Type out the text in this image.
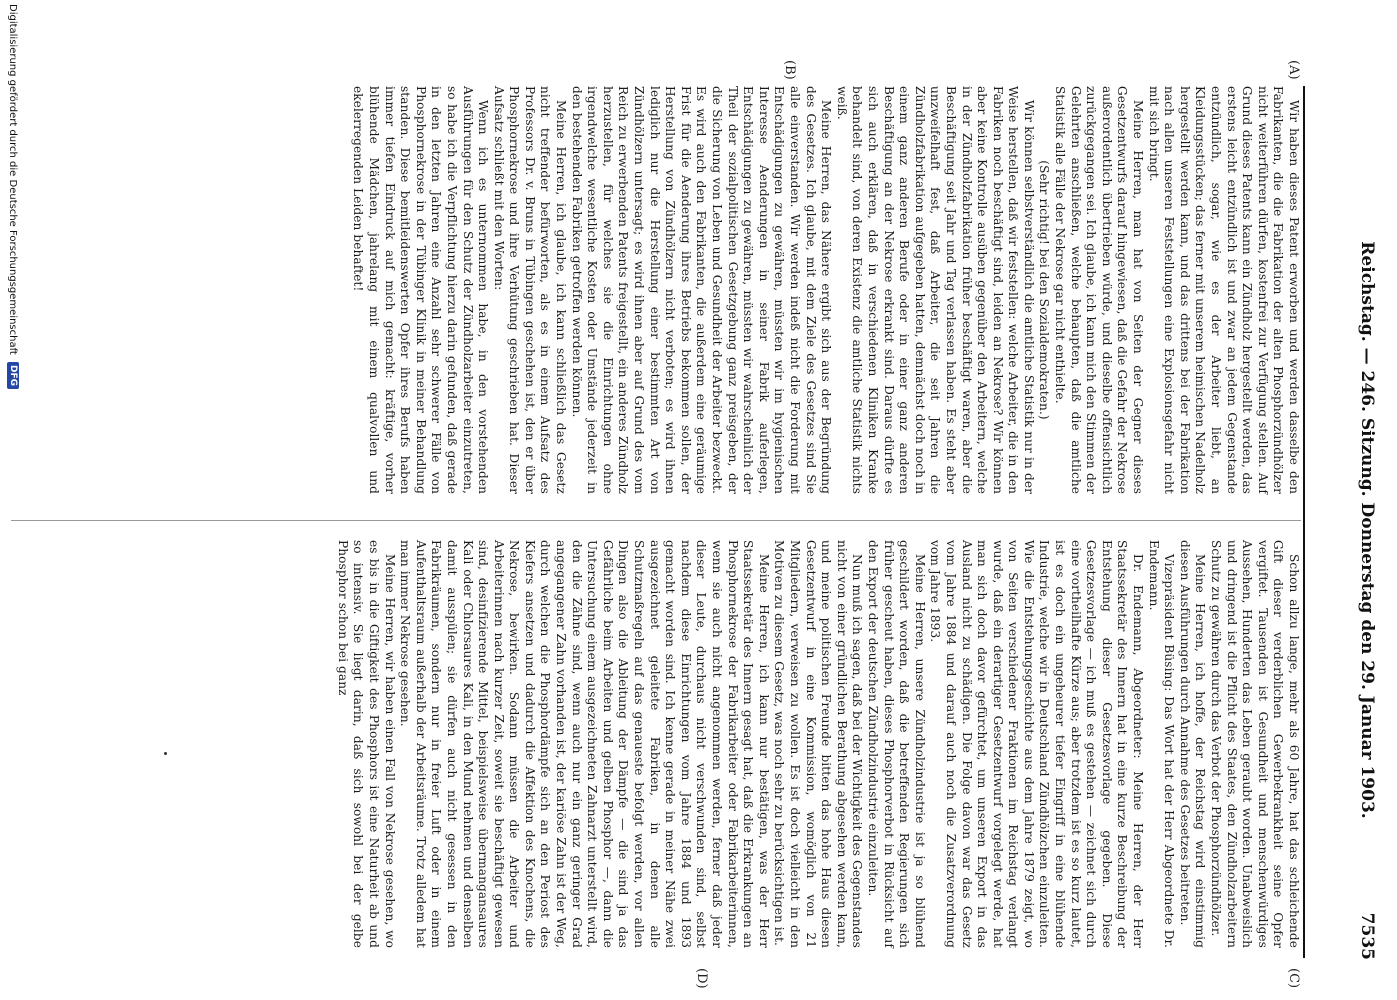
Reichstag. — 246. Sitzung. Donnerstag den 29. Januar 1903.
7535
(A)
(B)
(C)
(D)

Wir haben dieses Patent erworben und werden dasselbe den Fabrikanten, die die Fabrikation der alten Phosphorzündhölzer nicht weiterführen dürfen, kostenfrei zur Verfügung stellen. Auf Grund dieses Patents kann ein Zündholz hergestellt werden, das erstens leicht entzündlich ist und zwar an jedem Gegenstande entzündlich, sogar, wie es der Arbeiter liebt, an Kleidungsstücken; das ferner mit unserem heimischen Nadelholz hergestellt werden kann, und das drittens bei der Fabrikation nach allen unseren Feststellungen eine Explosionsgefahr nicht mit sich bringt.

Meine Herren, man hat von Seiten der Gegner dieses Gesetzentwurfs darauf hingewiesen, daß die Gefahr der Nekrose außerordentlich übertrieben würde, und dieselbe offensichtlich zurückgegangen sei. Ich glaube, ich kann mich den Stimmen der Gelehrten anschließen, welche behaupten, daß die amtliche Statistik alle Fälle der Nekrose gar nicht enthielte.

(Sehr richtig! bei den Sozialdemokraten.)

Wir können selbstverständlich die amtliche Statistik nur in der Weise herstellen, daß wir feststellen: welche Arbeiter, die in den Fabriken noch beschäftigt sind, leiden an Nekrose? Wir können aber keine Kontrolle ausüben gegenüber den Arbeitern, welche in der Zündholzfabrikation früher beschäftigt waren, aber die Beschäftigung seit Jahr und Tag verlassen haben. Es steht aber unzweifelhaft fest, daß Arbeiter, die seit Jahren die Zündholzfabrikation aufgegeben hatten, demnächst doch noch in einem ganz anderen Berufe oder in einer ganz anderen Beschäftigung an der Nekrose erkrankt sind. Daraus dürfte es sich auch erklären, daß in verschiedenen Kliniken Kranke behandelt sind, von deren Existenz die amtliche Statistik nichts weiß.

Meine Herren, das Nähere ergibt sich aus der Begründung des Gesetzes. Ich glaube, mit dem Ziele des Gesetzes sind Sie alle einverstanden. Wir werden indeß nicht die Forderung mit Entschädigungen zu gewähren, müssten wir im hygienischen Interesse Aenderungen in seiner Fabrik auferlegen, Entschädigungen zu gewähren, müssten wir wahrscheinlich der Theil der sozialpolitischen Gesetzgebung ganz preisgeben, der die Sicherung von Leben und Gesundheit der Arbeiter bezweckt. Es wird auch den Fabrikanten, die außerdem eine geräumige Frist für die Aenderung ihres Betriebs bekommen sollen, der Herstellung von Zündhölzern nicht verboten; es wird ihnen lediglich nur die Herstellung einer bestimmten Art von Zündhölzern untersagt; es wird ihnen aber auf Grund des vom Reich zu erwerbenden Patents freigestellt, ein anderes Zündholz herzustellen, für welches sie die Einrichtungen ohne irgendwelche wesentliche Kosten oder Umstände jederzeit in den bestehenden Fabriken getroffen werden können.

Meine Herren, ich glaube, ich kann schließlich das Gesetz nicht treffender befürworten, als es in einem Aufsatz des Professors Dr. v. Bruns in Tübingen geschehen ist, den er über Phosphornekrose und ihre Verhütung geschrieben hat. Dieser Aufsatz schließt mit den Worten:

Wenn ich es unternommen habe, in den vorstehenden Ausführungen für den Schutz der Zündholzarbeiter einzutreten, so habe ich die Verpflichtung hierzu darin gefunden, daß gerade in den letzten Jahren eine Anzahl sehr schwerer Fälle von Phosphornekrose in der Tübinger Klinik in meiner Behandlung standen. Diese bemitleidenswerten Opfer ihres Berufs haben immer tiefen Eindruck auf mich gemacht: kräftige, vorher blühende Mädchen, jahrelang mit einem qualvollen und ekelerregenden Leiden behaftet!

Schon allzu lange, mehr als 60 Jahre, hat das schleichende Gift dieser verderblichen Gewerbekrankheit seine Opfer vergiftet. Tausenden ist Gesundheit und menschenwürdiges Aussehen, Hunderten das Leben geraubt worden. Unabweislich und dringend ist die Pflicht des Staates, den Zündholzarbeitern Schutz zu gewähren durch das Verbot der Phosphorzündhölzer.

Meine Herren, ich hoffe, der Reichstag wird einstimmig diesen Ausführungen durch Annahme des Gesetzes beitreten.

Vizepräsident Büsing: Das Wort hat der Herr Abgeordnete Dr. Endemann.

Dr. Endemann, Abgeordneter: Meine Herren, der Herr Staatssekretär des Innern hat in eine kurze Beschreibung der Entstehung dieser Gesetzesvorlage gegeben. Diese Gesetzesvorlage — ich muß es gestehen — zeichnet sich durch eine vortheilhafte Kürze aus; aber trotzdem ist es so kurz lautet, ist es doch ein ungeheurer tiefer Eingriff in eine blühende Industrie, welche wir in Deutschland Zündhölzchen einzuleiten. Wie die Entstehungsgeschichte aus dem Jahre 1879 zeigt, wo von Seiten verschiedener Fraktionen im Reichstag verlangt wurde, daß ein derartiger Gesetzentwurf vorgelegt werde, hat man sich doch davor gefürchtet, um unseren Export in das Ausland nicht zu schädigen. Die Folge davon war das Gesetz vom Jahre 1884 und darauf auch noch die Zusatzverordnung vom Jahre 1893.

Meine Herren, unsere Zündholzindustrie ist ja so blühend geschildert worden, daß die betreffenden Regierungen sich früher gescheut haben, dieses Phosphorverbot in Rücksicht auf den Export der deutschen Zündholzindustrie einzuleiten.

Nun muß ich sagen, daß bei der Wichtigkeit des Gegenstandes nicht von einer gründlichen Berathung abgesehen werden kann, und meine politischen Freunde bitten das hohe Haus diesen Gesetzentwurf in eine Kommission, womöglich von 21 Mitgliedern, verweisen zu wollen. Es ist doch vielleicht in den Motiven zu diesem Gesetz, was noch sehr zu berücksichtigen ist.

Meine Herren, ich kann nur bestätigen, was der Herr Staatssekretär des Innern gesagt hat, daß die Erkrankungen an Phosphornekrose der Fabrikarbeiter oder Fabrikarbeiterinnen, wenn sie auch nicht angenommen werden, ferner daß jeder dieser Leute, durchaus nicht verschwunden sind, selbst nachdem diese Einrichtungen vom Jahre 1884 und 1893 gemacht worden sind. Ich kenne gerade in meiner Nähe zwei ausgezeichnet geleitete Fabriken, in denen alle Schutzmaßregeln auf das genaueste befolgt werden, vor allen Dingen also die Ableitung der Dämpfe — die sind ja das Gefährliche beim Arbeiten und gelben Phosphor —, dann die Untersuchung einem ausgezeichneten Zahnarzt unterstellt wird, den die Zähne sind, wenn auch nur ein ganz geringer Grad angegangener Zahn vorhanden ist, der kariöse Zahn ist der Weg, durch welchen die Phosphordämpfe sich an den Periost des Kiefers ansetzen und dadurch die Affektion des Knochens, die Nekrose, bewirken. Sodann müssen die Arbeiter und Arbeiterinnen nach kurzer Zeit, soweit sie beschäftigt gewesen sind, desinfizierende Mittel, beispielsweise übermangansaures Kali oder Chlorsaures Kali, in den Mund nehmen und denselben damit ausspülen; sie dürfen auch nicht gesessen in den Fabrikräumen, sondern nur in freier Luft oder in einem Aufenthaltsraum außerhalb der Arbeitsräume. Trotz alledem hat man immer Nekrose gesehen.

Meine Herren, wir haben einen Fall von Nekrose gesehen, wo es bis in die Giftigkeit des Phosphors ist eine Naturheit ab und so intensiv. Sie liegt darin, daß sich sowohl bei der gelbe Phosphor schon bei ganz

Digitalisierung gefördert durch die Deutsche Forschungsgemeinschaft DFG
